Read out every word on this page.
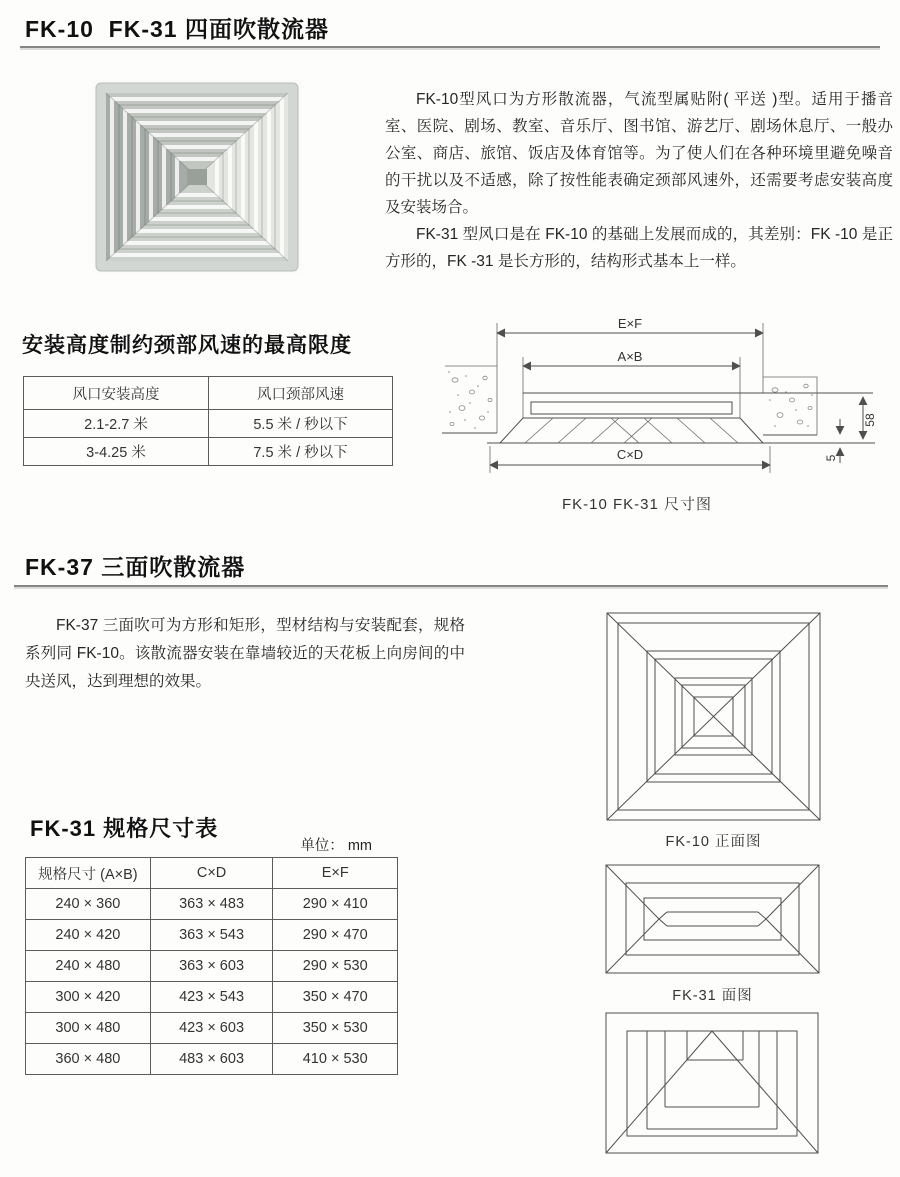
FK-10  FK-31 四面吹散流器

FK-10型风口为方形散流器，气流型属贴附( 平送 )型。适用于播音室、医院、剧场、教室、音乐厅、图书馆、游艺厅、剧场休息厅、一般办公室、商店、旅馆、饭店及体育馆等。为了使人们在各种环境里避免噪音的干扰以及不适感，除了按性能表确定颈部风速外，还需要考虑安装高度及安装场合。

FK-31 型风口是在 FK-10 的基础上发展而成的，其差别：FK -10 是正方形的，FK -31 是长方形的，结构形式基本上一样。

安装高度制约颈部风速的最高限度
风口安装高度	风口颈部风速
2.1-2.7 米	5.5 米 / 秒以下
3-4.25 米	7.5 米 / 秒以下
E×F
A×B
C×D
58
5
FK-10 FK-31 尺寸图
FK-37 三面吹散流器

FK-37 三面吹可为方形和矩形，型材结构与安装配套，规格系列同 FK-10。该散流器安装在靠墙较近的天花板上向房间的中央送风，达到理想的效果。

FK-10 正面图
FK-31 面图
FK-31 规格尺寸表
单位： mm
规格尺寸 (A×B)	C×D	E×F
240 × 360	363 × 483	290 × 410
240 × 420	363 × 543	290 × 470
240 × 480	363 × 603	290 × 530
300 × 420	423 × 543	350 × 470
300 × 480	423 × 603	350 × 530
360 × 480	483 × 603	410 × 530
